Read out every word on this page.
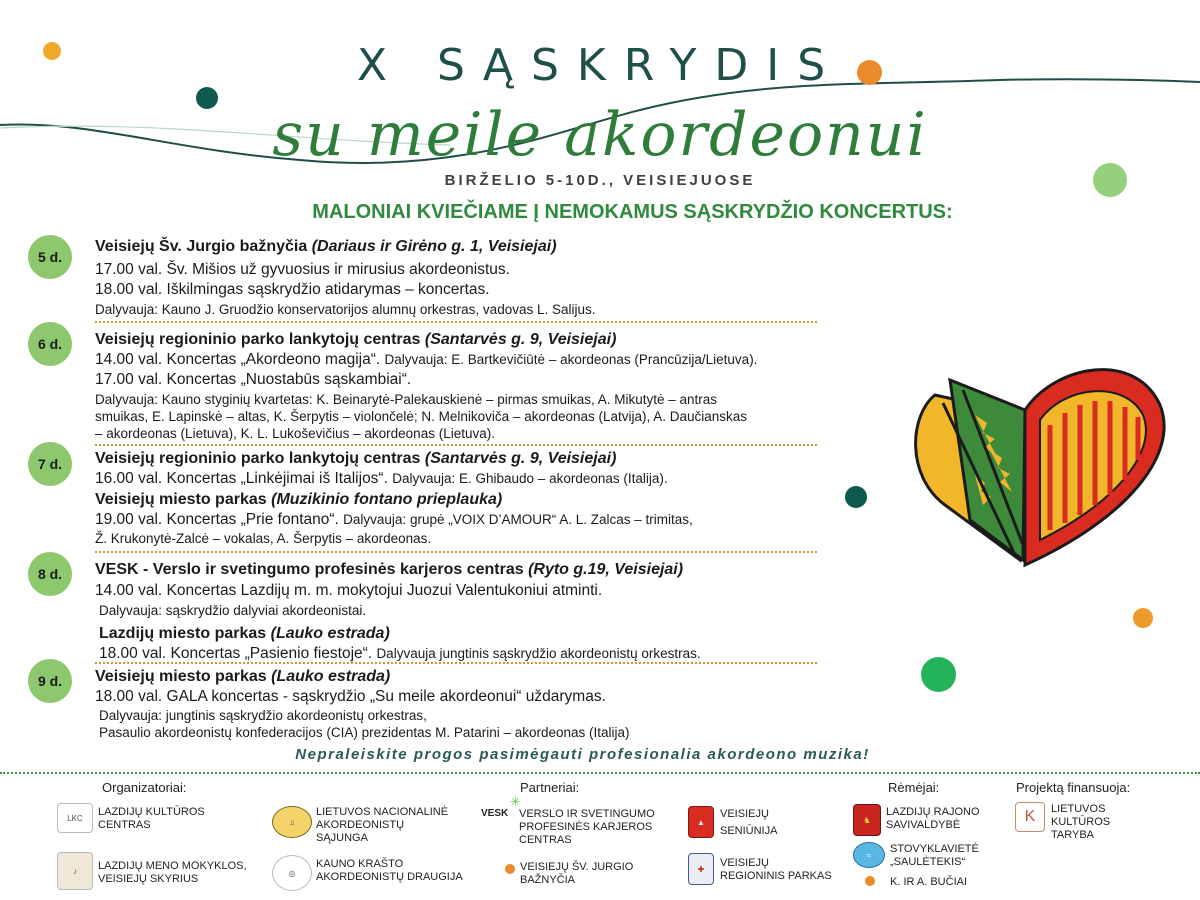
X SĄSKRYDIS
su meile akordeonui
BIRŽELIO 5-10D., VEISIEJUOSE
MALONIAI KVIEČIAME Į NEMOKAMUS SĄSKRYDŽIO KONCERTUS:
5 d.
Veisiejų Šv. Jurgio bažnyčia (Dariaus ir Girėno g. 1, Veisiejai)
17.00 val. Šv. Mišios už gyvuosius ir mirusius akordeonistus.
18.00 val. Iškilmingas sąskrydžio atidarymas – koncertas.
Dalyvauja: Kauno J. Gruodžio konservatorijos alumnų orkestras, vadovas L. Salijus.
6 d.	Veisiejų regioninio parko lankytojų centras (Santarvės g. 9, Veisiejai)
14.00 val. Koncertas „Akordeono magija“. Dalyvauja: E. Bartkevičiūtė – akordeonas (Prancūzija/Lietuva).
17.00 val. Koncertas „Nuostabūs sąskambiai“.
Dalyvauja: Kauno styginių kvartetas: K. Beinarytė-Palekauskienė – pirmas smuikas, A. Mikutytė – antras
smuikas, E. Lapinskė – altas, K. Šerpytis – violončelė; N. Melnikoviča – akordeonas (Latvija), A. Daučianskas
– akordeonas (Lietuva), K. L. Lukoševičius – akordeonas (Lietuva).
7 d.	Veisiejų regioninio parko lankytojų centras (Santarvės g. 9, Veisiejai)
16.00 val. Koncertas „Linkėjimai iš Italijos“. Dalyvauja: E. Ghibaudo – akordeonas (Italija).
Veisiejų miesto parkas (Muzikinio fontano prieplauka)
19.00 val. Koncertas „Prie fontano“. Dalyvauja: grupė „VOIX D’AMOUR“ A. L. Zalcas – trimitas,
Ž. Krukonytė-Zalcė – vokalas, A. Šerpytis – akordeonas.
8 d.	VESK - Verslo ir svetingumo profesinės karjeros centras (Ryto g.19, Veisiejai)
14.00 val. Koncertas Lazdijų m. m. mokytojui Juozui Valentukoniui atminti.
Dalyvauja: sąskrydžio dalyviai akordeonistai.
Lazdijų miesto parkas (Lauko estrada)
18.00 val. Koncertas „Pasienio fiestoje“. Dalyvauja jungtinis sąskrydžio akordeonistų orkestras.
9 d.	Veisiejų miesto parkas (Lauko estrada)
18.00 val. GALA koncertas - sąskrydžio „Su meile akordeonui“ uždarymas.
Dalyvauja: jungtinis sąskrydžio akordeonistų orkestras,
Pasaulio akordeonistų konfederacijos (CIA) prezidentas M. Patarini – akordeonas (Italija)
Nepraleiskite progos pasimėgauti profesionalia akordeono muzika!
Organizatoriai:	Partneriai:	Rėmėjai:	Projektą finansuoja:
LKC	LAZDIJŲ KULTŪROS
CENTRAS	♫
LIETUVOS NACIONALINĖ
AKORDEONISTŲ
SĄJUNGA
♪	LAZDIJŲ MENO MOKYKLOS,
VEISIEJŲ SKYRIUS	◎
KAUNO KRAŠTO
AKORDEONISTŲ DRAUGIJA
VESK
✳
VERSLO IR SVETINGUMO
PROFESINĖS KARJEROS
CENTRAS
VEISIEJŲ ŠV. JURGIO
BAŽNYČIA
▲
VEISIEJŲ
SENIŪNIJA
✚	VEISIEJŲ
REGIONINIS PARKAS
♞
LAZDIJŲ RAJONO
SAVIVALDYBĖ
≈	STOVYKLAVIETĖ
„SAULĖTEKIS“
K. IR A. BUČIAI
K	LIETUVOS
KULTŪROS
TARYBA
